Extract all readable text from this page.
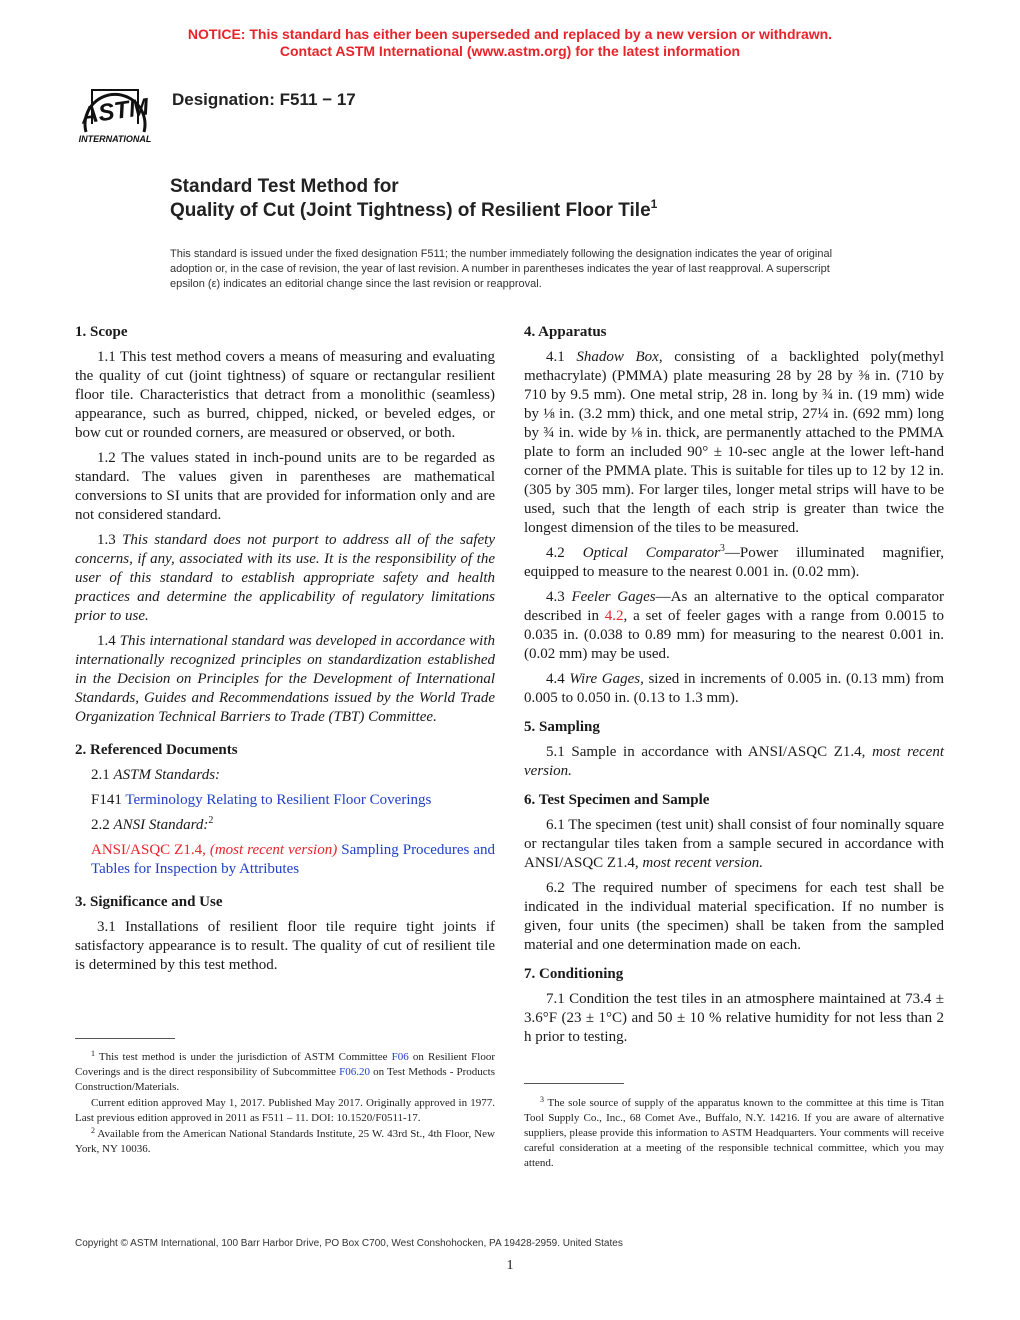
NOTICE: This standard has either been superseded and replaced by a new version or withdrawn.
Contact ASTM International (www.astm.org) for the latest information
ASTM
INTERNATIONAL
Designation: F511 − 17
Standard Test Method for
Quality of Cut (Joint Tightness) of Resilient Floor Tile$^1$
This standard is issued under the fixed designation F511; the number immediately following the designation indicates the year of original adoption or, in the case of revision, the year of last revision. A number in parentheses indicates the year of last reapproval. A superscript epsilon (ε) indicates an editorial change since the last revision or reapproval.
1. Scope

1.1 This test method covers a means of measuring and evaluating the quality of cut (joint tightness) of square or rectangular resilient floor tile. Characteristics that detract from a monolithic (seamless) appearance, such as burred, chipped, nicked, or beveled edges, or bow cut or rounded corners, are measured or observed, or both.

1.2 The values stated in inch-pound units are to be regarded as standard. The values given in parentheses are mathematical conversions to SI units that are provided for information only and are not considered standard.

1.3 This standard does not purport to address all of the safety concerns, if any, associated with its use. It is the responsibility of the user of this standard to establish appropriate safety and health practices and determine the applicability of regulatory limitations prior to use.

1.4 This international standard was developed in accordance with internationally recognized principles on standardization established in the Decision on Principles for the Development of International Standards, Guides and Recommendations issued by the World Trade Organization Technical Barriers to Trade (TBT) Committee.

2. Referenced Documents

2.1 ASTM Standards:

F141 Terminology Relating to Resilient Floor Coverings

2.2 ANSI Standard:$^2$

ANSI/ASQC Z1.4, (most recent version) Sampling Procedures and Tables for Inspection by Attributes

3. Significance and Use

3.1 Installations of resilient floor tile require tight joints if satisfactory appearance is to result. The quality of cut of resilient tile is determined by this test method.

4. Apparatus

4.1 Shadow Box, consisting of a backlighted poly(methyl methacrylate) (PMMA) plate measuring 28 by 28 by ⅜ in. (710 by 710 by 9.5 mm). One metal strip, 28 in. long by ¾ in. (19 mm) wide by ⅛ in. (3.2 mm) thick, and one metal strip, 27¼ in. (692 mm) long by ¾ in. wide by ⅛ in. thick, are permanently attached to the PMMA plate to form an included 90° ± 10-sec angle at the lower left-hand corner of the PMMA plate. This is suitable for tiles up to 12 by 12 in. (305 by 305 mm). For larger tiles, longer metal strips will have to be used, such that the length of each strip is greater than twice the longest dimension of the tiles to be measured.

4.2 Optical Comparator$^3$—Power illuminated magnifier, equipped to measure to the nearest 0.001 in. (0.02 mm).

4.3 Feeler Gages—As an alternative to the optical comparator described in 4.2, a set of feeler gages with a range from 0.0015 to 0.035 in. (0.038 to 0.89 mm) for measuring to the nearest 0.001 in. (0.02 mm) may be used.

4.4 Wire Gages, sized in increments of 0.005 in. (0.13 mm) from 0.005 to 0.050 in. (0.13 to 1.3 mm).

5. Sampling

5.1 Sample in accordance with ANSI/ASQC Z1.4, most recent version.

6. Test Specimen and Sample

6.1 The specimen (test unit) shall consist of four nominally square or rectangular tiles taken from a sample secured in accordance with ANSI/ASQC Z1.4, most recent version.

6.2 The required number of specimens for each test shall be indicated in the individual material specification. If no number is given, four units (the specimen) shall be taken from the sampled material and one determination made on each.

7. Conditioning

7.1 Condition the test tiles in an atmosphere maintained at 73.4 ± 3.6°F (23 ± 1°C) and 50 ± 10 % relative humidity for not less than 2 h prior to testing.

$^1$ This test method is under the jurisdiction of ASTM Committee F06 on Resilient Floor Coverings and is the direct responsibility of Subcommittee F06.20 on Test Methods - Products Construction/Materials.

Current edition approved May 1, 2017. Published May 2017. Originally approved in 1977. Last previous edition approved in 2011 as F511 – 11. DOI: 10.1520/F0511-17.

$^2$ Available from the American National Standards Institute, 25 W. 43rd St., 4th Floor, New York, NY 10036.

$^3$ The sole source of supply of the apparatus known to the committee at this time is Titan Tool Supply Co., Inc., 68 Comet Ave., Buffalo, N.Y. 14216. If you are aware of alternative suppliers, please provide this information to ASTM Headquarters. Your comments will receive careful consideration at a meeting of the responsible technical committee, which you may attend.

Copyright © ASTM International, 100 Barr Harbor Drive, PO Box C700, West Conshohocken, PA 19428-2959. United States
1
